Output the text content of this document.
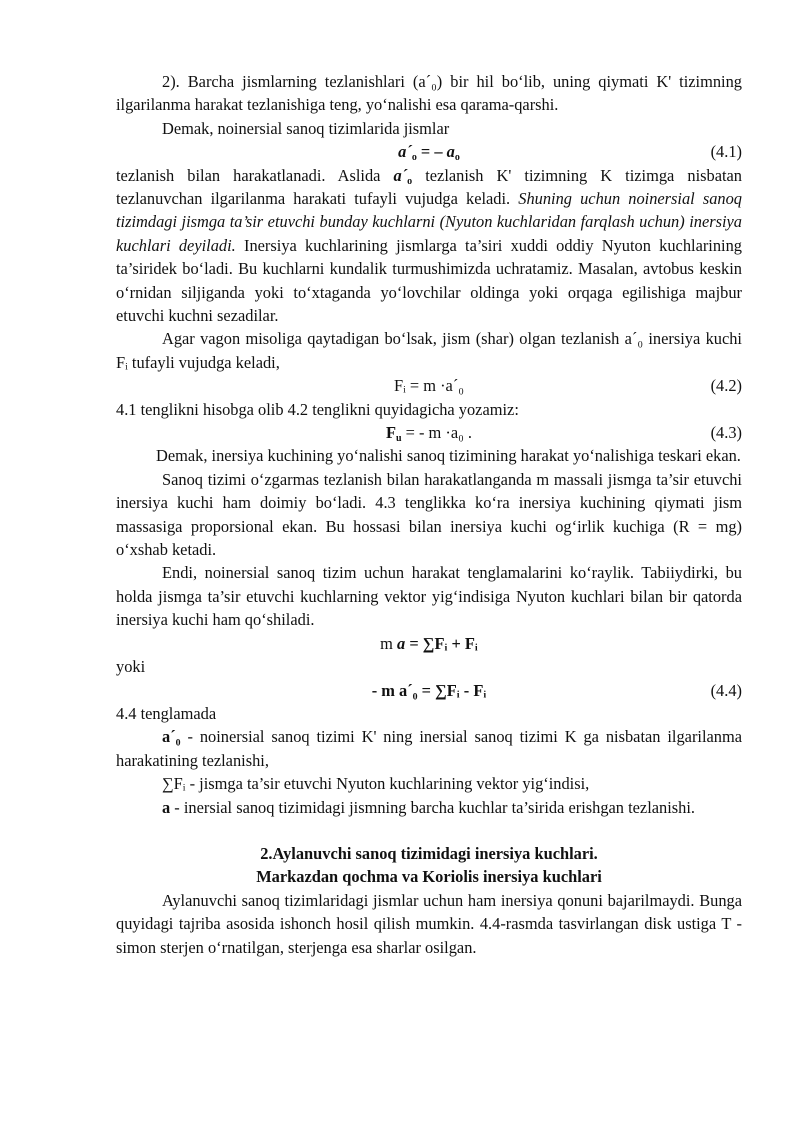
2). Barcha jismlarning tezlanishlari (a´₀) bir hil bo‘lib, uning qiymati K' tizimning ilgarilanma harakat tezlanishiga teng, yo‘nalishi esa qarama-qarshi.

Demak, noinersial sanoq tizimlarida jismlar

$a´_o$ = – $a_o$	(4.1)

tezlanish bilan harakatlanadi. Aslida $a´_o$ tezlanish K' tizimning K tizimga nisbatan tezlanuvchan ilgarilanma harakati tufayli vujudga keladi. Shuning uchun noinersial sanoq tizimdagi jismga ta’sir etuvchi bunday kuchlarni (Nyuton kuchlaridan farqlash uchun) inersiya kuchlari deyiladi. Inersiya kuchlarining jismlarga ta’siri xuddi oddiy Nyuton kuchlarining ta’siridek bo‘ladi. Bu kuchlarni kundalik turmushimizda uchratamiz. Masalan, avtobus keskin o‘rnidan siljiganda yoki to‘xtaganda yoʻlovchilar oldinga yoki orqaga egilishiga majbur etuvchi kuchni sezadilar.

Agar vagon misoliga qaytadigan bo‘lsak, jism (shar) olgan tezlanish a´₀ inersiya kuchi Fᵢ tufayli vujudga keladi,

Fᵢ = m ·a´₀	(4.2)

4.1 tenglikni hisobga olib 4.2 tenglikni quyidagicha yozamiz:

$F_u$ = - m ·a₀ .	(4.3)

Demak, inersiya kuchining yo‘nalishi sanoq tizimining harakat yo‘nalishiga teskari ekan.

Sanoq tizimi o‘zgarmas tezlanish bilan harakatlanganda m massali jismga ta’sir etuvchi inersiya kuchi ham doimiy bo‘ladi. 4.3 tenglikka ko‘ra inersiya kuchining qiymati jism massasiga proporsional ekan. Bu hossasi bilan inersiya kuchi og‘irlik kuchiga (R = mg) o‘xshab ketadi.

Endi, noinersial sanoq tizim uchun harakat tenglamalarini ko‘raylik. Tabiiydirki, bu holda jismga ta’sir etuvchi kuchlarning vektor yig‘indisiga Nyuton kuchlari bilan bir qatorda inersiya kuchi ham qo‘shiladi.

m a = ∑Fᵢ + Fᵢ

yoki

- m a´₀ = ∑Fᵢ - Fᵢ	(4.4)

4.4 tenglamada

a´₀ - noinersial sanoq tizimi K' ning inersial sanoq tizimi K ga nisbatan ilgarilanma harakatining tezlanishi,

∑Fᵢ - jismga ta’sir etuvchi Nyuton kuchlarining vektor yig‘indisi,

a - inersial sanoq tizimidagi jismning barcha kuchlar ta’sirida erishgan tezlanishi.

2.Aylanuvchi sanoq tizimidagi inersiya kuchlari.

Markazdan qochma va Koriolis inersiya kuchlari

Aylanuvchi sanoq tizimlaridagi jismlar uchun ham inersiya qonuni bajarilmaydi. Bunga quyidagi tajriba asosida ishonch hosil qilish mumkin. 4.4-rasmda tasvirlangan disk ustiga T - simon sterjen o‘rnatilgan, sterjenga esa sharlar osilgan.
